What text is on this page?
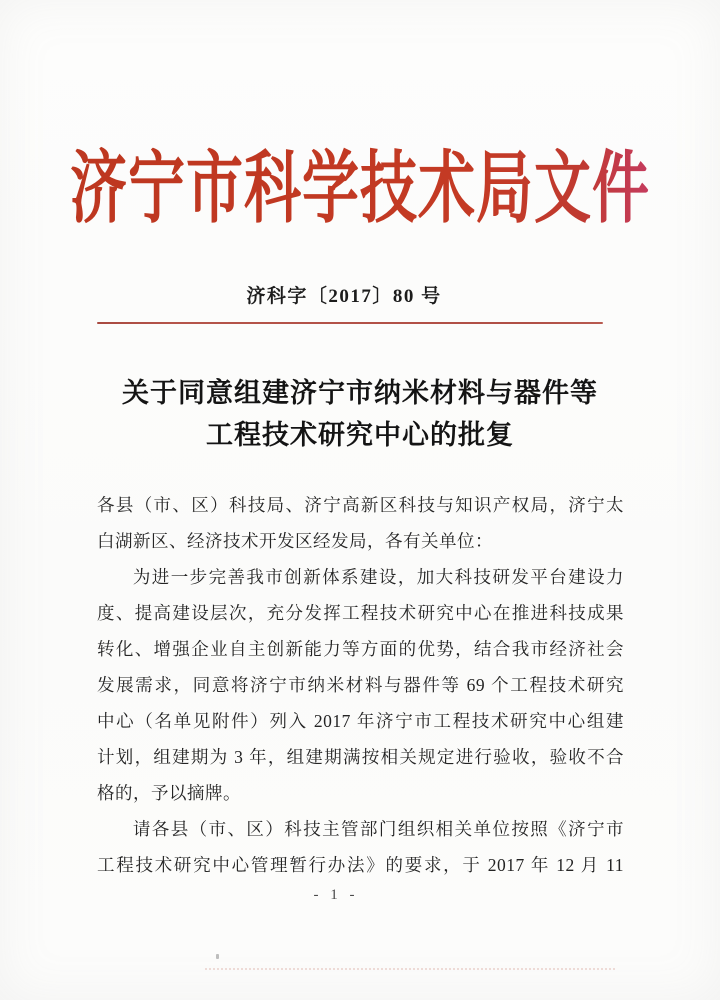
济宁市科学技术局文件
济科字〔2017〕80 号
关于同意组建济宁市纳米材料与器件等
工程技术研究中心的批复
各县（市、区）科技局、济宁高新区科技与知识产权局，济宁太
白湖新区、经济技术开发区经发局，各有关单位：
为进一步完善我市创新体系建设，加大科技研发平台建设力
度、提高建设层次，充分发挥工程技术研究中心在推进科技成果
转化、增强企业自主创新能力等方面的优势，结合我市经济社会
发展需求，同意将济宁市纳米材料与器件等 69 个工程技术研究
中心（名单见附件）列入 2017 年济宁市工程技术研究中心组建
计划，组建期为 3 年，组建期满按相关规定进行验收，验收不合
格的，予以摘牌。
请各县（市、区）科技主管部门组织相关单位按照《济宁市
工程技术研究中心管理暂行办法》的要求，于 2017 年 12 月 11
- 1 -
